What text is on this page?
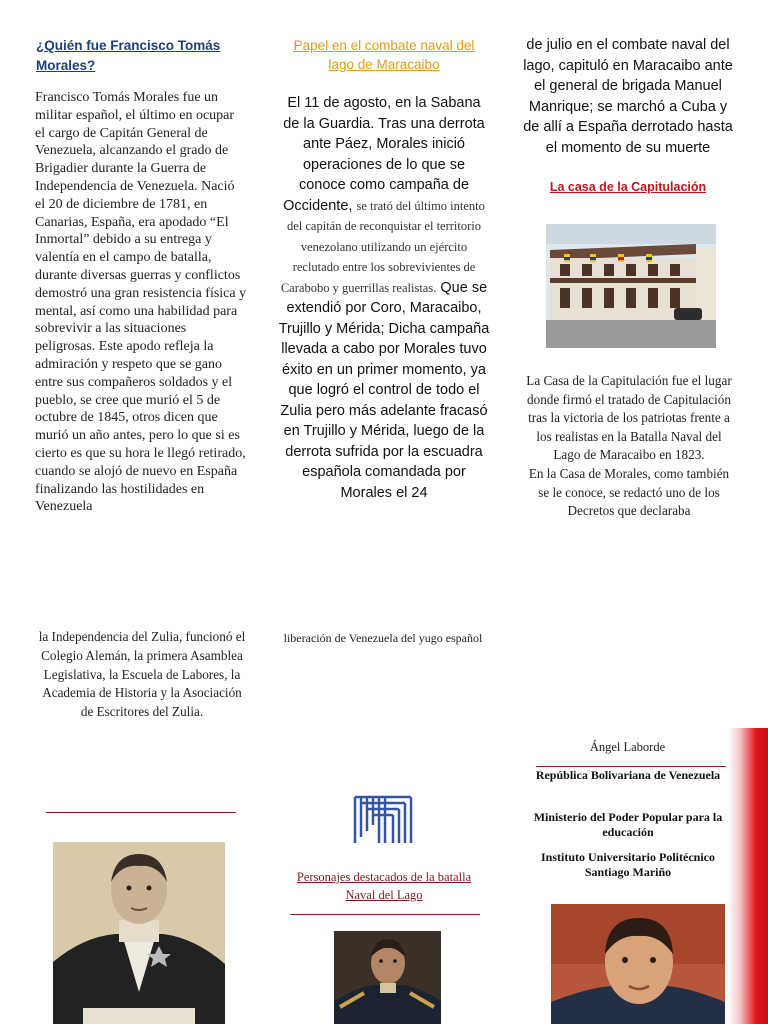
¿Quién fue Francisco Tomás Morales?
Francisco Tomás Morales fue un militar español, el último en ocupar el cargo de Capitán General de Venezuela, alcanzando el grado de Brigadier durante la Guerra de Independencia de Venezuela. Nació el 20 de diciembre de 1781, en Canarias, España, era apodado “El Inmortal” debido a su entrega y valentía en el campo de batalla, durante diversas guerras y conflictos demostró una gran resistencia física y mental, así como una habilidad para sobrevivir a las situaciones peligrosas. Este apodo refleja la admiración y respeto que se gano entre sus compañeros soldados y el pueblo, se cree que murió el 5 de octubre de 1845, otros dicen que murió un año antes, pero lo que si es cierto es que su hora le llegó retirado, cuando se alojó de nuevo en España finalizando las hostilidades en Venezuela
Papel en el combate naval del lago de Maracaibo
El 11 de agosto, en la Sabana de la Guardia. Tras una derrota ante Páez, Morales inició operaciones de lo que se conoce como campaña de Occidente, se trató del último intento del capitán de reconquistar el territorio venezolano utilizando un ejército reclutado entre los sobrevivientes de Carabobo y guerrillas realistas. Que se extendió por Coro, Maracaibo, Trujillo y Mérida; Dicha campaña llevada a cabo por Morales tuvo éxito en un primer momento, ya que logró el control de todo el Zulia pero más adelante fracasó en Trujillo y Mérida, luego de la derrota sufrida por la escuadra española comandada por Morales el 24
de julio en el combate naval del lago, capituló en Maracaibo ante el general de brigada Manuel Manrique; se marchó a Cuba y de allí a España derrotado hasta el momento de su muerte
La casa de la Capitulación
La Casa de la Capitulación fue el lugar donde firmó el tratado de Capitulación tras la victoria de los patriotas frente a los realistas en la Batalla Naval del Lago de Maracaibo en 1823.
En la Casa de Morales, como también se le conoce, se redactó uno de los Decretos que declaraba
la Independencia del Zulia, funcionó el Colegio Alemán, la primera Asamblea Legislativa, la Escuela de Labores, la Academia de Historia y la Asociación de Escritores del Zulia.
liberación de Venezuela del yugo español
Personajes destacados de la batalla Naval del Lago
Ángel Laborde
República Bolivariana de Venezuela
Ministerio del Poder Popular para la educación
Instituto Universitario Politécnico Santiago Mariño
